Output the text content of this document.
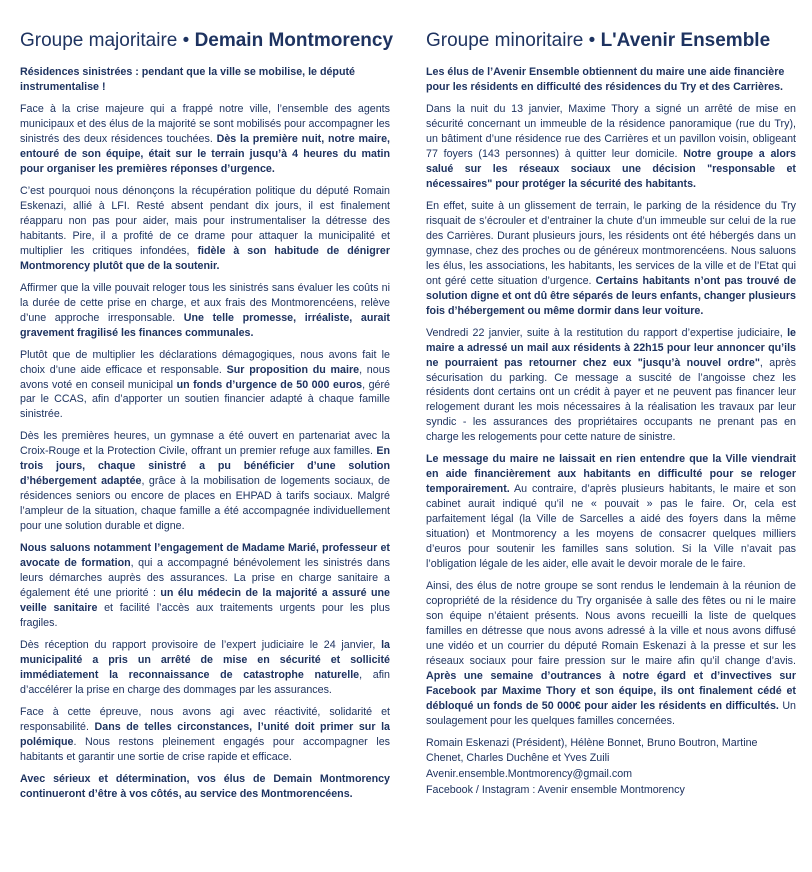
Groupe majoritaire • Demain Montmorency

Résidences sinistrées : pendant que la ville se mobilise, le député instrumentalise !

Face à la crise majeure qui a frappé notre ville, l’ensemble des agents municipaux et des élus de la majorité se sont mobilisés pour accompagner les sinistrés des deux résidences touchées. Dès la première nuit, notre maire, entouré de son équipe, était sur le terrain jusqu’à 4 heures du matin pour organiser les premières réponses d’urgence.

C’est pourquoi nous dénonçons la récupération politique du député Romain Eskenazi, allié à LFI. Resté absent pendant dix jours, il est finalement réapparu non pas pour aider, mais pour instrumentaliser la détresse des habitants. Pire, il a profité de ce drame pour attaquer la municipalité et multiplier les critiques infondées, fidèle à son habitude de dénigrer Montmorency plutôt que de la soutenir.

Affirmer que la ville pouvait reloger tous les sinistrés sans évaluer les coûts ni la durée de cette prise en charge, et aux frais des Montmorencéens, relève d’une approche irresponsable. Une telle promesse, irréaliste, aurait gravement fragilisé les finances communales.

Plutôt que de multiplier les déclarations démagogiques, nous avons fait le choix d’une aide efficace et responsable. Sur proposition du maire, nous avons voté en conseil municipal un fonds d’urgence de 50 000 euros, géré par le CCAS, afin d’apporter un soutien financier adapté à chaque famille sinistrée.

Dès les premières heures, un gymnase a été ouvert en partenariat avec la Croix-Rouge et la Protection Civile, offrant un premier refuge aux familles. En trois jours, chaque sinistré a pu bénéficier d’une solution d’hébergement adaptée, grâce à la mobilisation de logements sociaux, de résidences seniors ou encore de places en EHPAD à tarifs sociaux. Malgré l’ampleur de la situation, chaque famille a été accompagnée individuellement pour une solution durable et digne.

Nous saluons notamment l’engagement de Madame Marié, professeur et avocate de formation, qui a accompagné bénévolement les sinistrés dans leurs démarches auprès des assurances. La prise en charge sanitaire a également été une priorité : un élu médecin de la majorité a assuré une veille sanitaire et facilité l’accès aux traitements urgents pour les plus fragiles.

Dès réception du rapport provisoire de l’expert judiciaire le 24 janvier, la municipalité a pris un arrêté de mise en sécurité et sollicité immédiatement la reconnaissance de catastrophe naturelle, afin d’accélérer la prise en charge des dommages par les assurances.

Face à cette épreuve, nous avons agi avec réactivité, solidarité et responsabilité. Dans de telles circonstances, l’unité doit primer sur la polémique. Nous restons pleinement engagés pour accompagner les habitants et garantir une sortie de crise rapide et efficace.

Avec sérieux et détermination, vos élus de Demain Montmorency continueront d’être à vos côtés, au service des Montmorencéens.

Groupe minoritaire • L'Avenir Ensemble

Les élus de l’Avenir Ensemble obtiennent du maire une aide financière pour les résidents en difficulté des résidences du Try et des Carrières.

Dans la nuit du 13 janvier, Maxime Thory a signé un arrêté de mise en sécurité concernant un immeuble de la résidence panoramique (rue du Try), un bâtiment d’une résidence rue des Carrières et un pavillon voisin, obligeant 77 foyers (143 personnes) à quitter leur domicile. Notre groupe a alors salué sur les réseaux sociaux une décision "responsable et nécessaires" pour protéger la sécurité des habitants.

En effet, suite à un glissement de terrain, le parking de la résidence du Try risquait de s’écrouler et d’entrainer la chute d’un immeuble sur celui de la rue des Carrières. Durant plusieurs jours, les résidents ont été hébergés dans un gymnase, chez des proches ou de généreux montmorencéens. Nous saluons les élus, les associations, les habitants, les services de la ville et de l’Etat qui ont géré cette situation d’urgence. Certains habitants n’ont pas trouvé de solution digne et ont dû être séparés de leurs enfants, changer plusieurs fois d’hébergement ou même dormir dans leur voiture.

Vendredi 22 janvier, suite à la restitution du rapport d’expertise judiciaire, le maire a adressé un mail aux résidents à 22h15 pour leur annoncer qu’ils ne pourraient pas retourner chez eux "jusqu’à nouvel ordre", après sécurisation du parking. Ce message a suscité de l’angoisse chez les résidents dont certains ont un crédit à payer et ne peuvent pas financer leur relogement durant les mois nécessaires à la réalisation les travaux par leur syndic - les assurances des propriétaires occupants ne prenant pas en charge les relogements pour cette nature de sinistre.

Le message du maire ne laissait en rien entendre que la Ville viendrait en aide financièrement aux habitants en difficulté pour se reloger temporairement. Au contraire, d’après plusieurs habitants, le maire et son cabinet aurait indiqué qu’il ne « pouvait » pas le faire. Or, cela est parfaitement légal (la Ville de Sarcelles a aidé des foyers dans la même situation) et Montmorency a les moyens de consacrer quelques milliers d’euros pour soutenir les familles sans solution. Si la Ville n’avait pas l’obligation légale de les aider, elle avait le devoir morale de le faire.

Ainsi, des élus de notre groupe se sont rendus le lendemain à la réunion de copropriété de la résidence du Try organisée à salle des fêtes ou ni le maire son équipe n’étaient présents. Nous avons recueilli la liste de quelques familles en détresse que nous avons adressé à la ville et nous avons diffusé une vidéo et un courrier du député Romain Eskenazi à la presse et sur les réseaux sociaux pour faire pression sur le maire afin qu’il change d’avis. Après une semaine d’outrances à notre égard et d’invectives sur Facebook par Maxime Thory et son équipe, ils ont finalement cédé et débloqué un fonds de 50 000€ pour aider les résidents en difficultés. Un soulagement pour les quelques familles concernées.

Romain Eskenazi (Président), Hélène Bonnet, Bruno Boutron, Martine Chenet, Charles Duchêne et Yves Zuili

Avenir.ensemble.Montmorency@gmail.com

Facebook / Instagram : Avenir ensemble Montmorency
